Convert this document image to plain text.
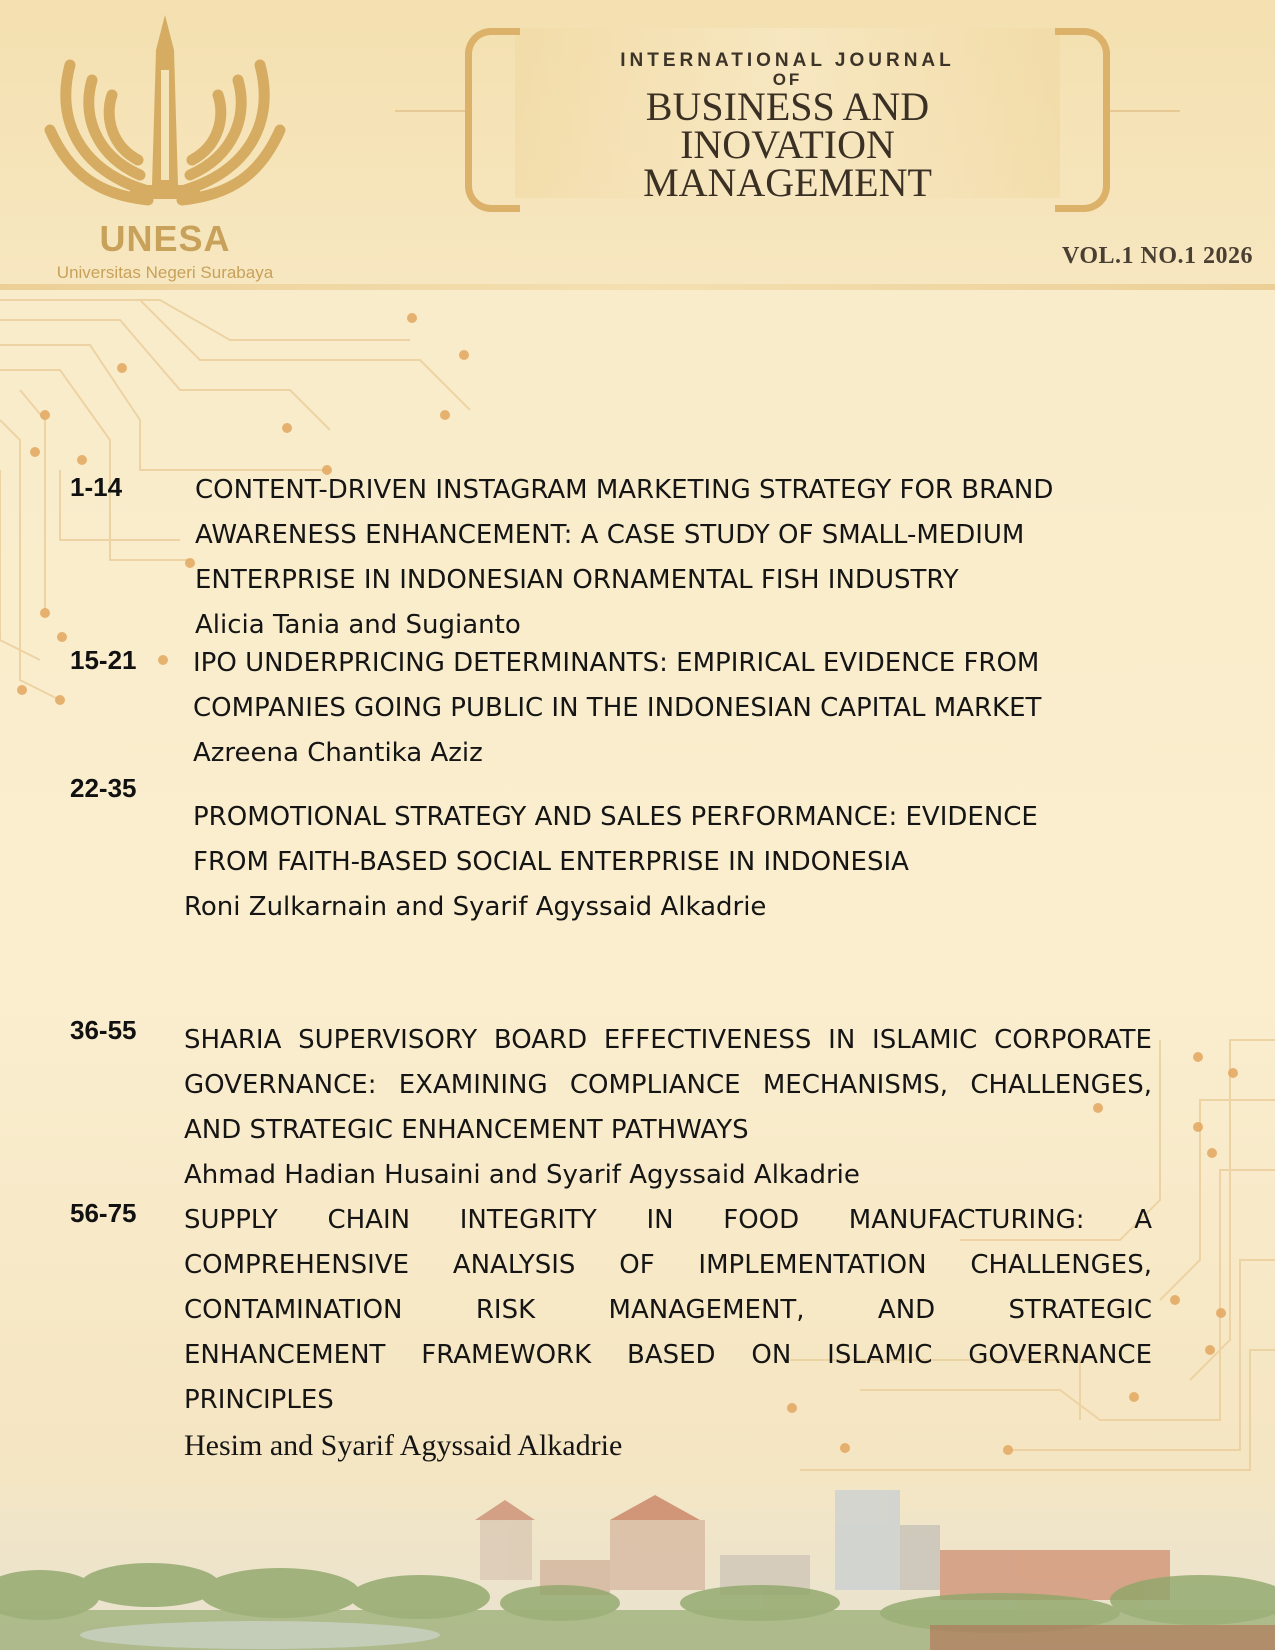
UNESA
Universitas Negeri Surabaya
INTERNATIONAL JOURNAL
OF
BUSINESS AND
INOVATION
MANAGEMENT
VOL.1 NO.1 2026
1-14	CONTENT-DRIVEN INSTAGRAM MARKETING STRATEGY FOR BRAND
AWARENESS ENHANCEMENT: A CASE STUDY OF SMALL-MEDIUM
ENTERPRISE IN INDONESIAN ORNAMENTAL FISH INDUSTRY
Alicia Tania and Sugianto
15-21 IPO UNDERPRICING DETERMINANTS: EMPIRICAL EVIDENCE FROM
COMPANIES GOING PUBLIC IN THE INDONESIAN CAPITAL MARKET
Azreena Chantika Aziz
22-35
PROMOTIONAL STRATEGY AND SALES PERFORMANCE: EVIDENCE
FROM FAITH-BASED SOCIAL ENTERPRISE IN INDONESIA
Roni Zulkarnain and Syarif Agyssaid Alkadrie
36-55 SHARIA SUPERVISORY BOARD EFFECTIVENESS IN ISLAMIC CORPORATE
GOVERNANCE: EXAMINING COMPLIANCE MECHANISMS, CHALLENGES,
AND STRATEGIC ENHANCEMENT PATHWAYS
Ahmad Hadian Husaini and Syarif Agyssaid Alkadrie
56-75 SUPPLY CHAIN INTEGRITY IN FOOD MANUFACTURING: A
COMPREHENSIVE ANALYSIS OF IMPLEMENTATION CHALLENGES,
CONTAMINATION RISK MANAGEMENT, AND STRATEGIC
ENHANCEMENT FRAMEWORK BASED ON ISLAMIC GOVERNANCE
PRINCIPLES
Hesim and Syarif Agyssaid Alkadrie
